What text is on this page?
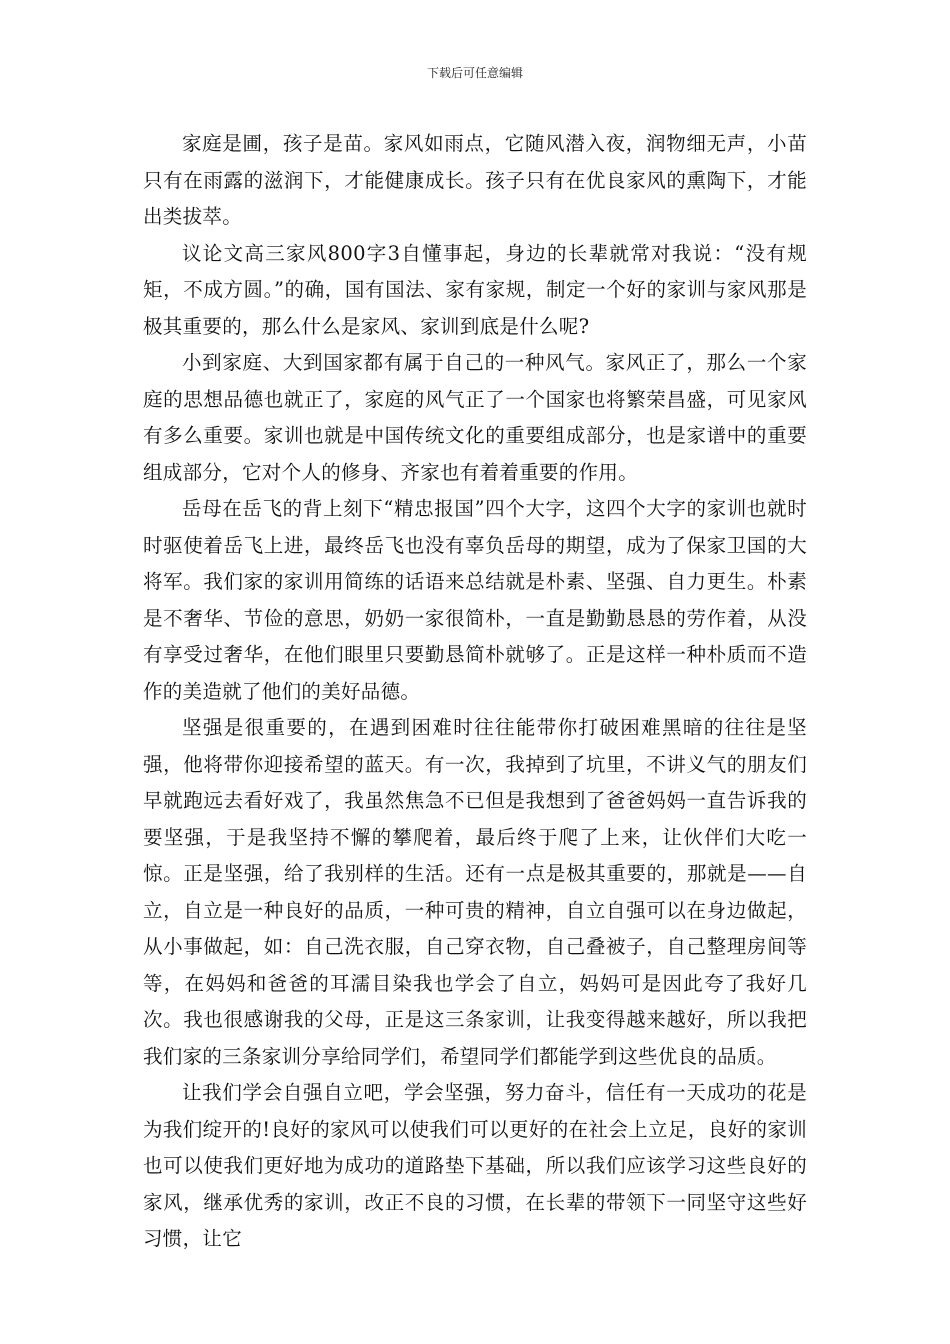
下载后可任意编辑

家庭是圃，孩子是苗。家风如雨点，它随风潜入夜，润物细无声，小苗只有在雨露的滋润下，才能健康成长。孩子只有在优良家风的熏陶下，才能出类拔萃。

议论文高三家风800字3自懂事起，身边的长辈就常对我说：“没有规矩，不成方圆。”的确，国有国法、家有家规，制定一个好的家训与家风那是极其重要的，那么什么是家风、家训到底是什么呢?

小到家庭、大到国家都有属于自己的一种风气。家风正了，那么一个家庭的思想品德也就正了，家庭的风气正了一个国家也将繁荣昌盛，可见家风有多么重要。家训也就是中国传统文化的重要组成部分，也是家谱中的重要组成部分，它对个人的修身、齐家也有着着重要的作用。

岳母在岳飞的背上刻下“精忠报国”四个大字，这四个大字的家训也就时时驱使着岳飞上进，最终岳飞也没有辜负岳母的期望，成为了保家卫国的大将军。我们家的家训用简练的话语来总结就是朴素、坚强、自力更生。朴素是不奢华、节俭的意思，奶奶一家很简朴，一直是勤勤恳恳的劳作着，从没有享受过奢华，在他们眼里只要勤恳简朴就够了。正是这样一种朴质而不造作的美造就了他们的美好品德。

坚强是很重要的，在遇到困难时往往能带你打破困难黑暗的往往是坚强，他将带你迎接希望的蓝天。有一次，我掉到了坑里，不讲义气的朋友们早就跑远去看好戏了，我虽然焦急不已但是我想到了爸爸妈妈一直告诉我的要坚强，于是我坚持不懈的攀爬着，最后终于爬了上来，让伙伴们大吃一惊。正是坚强，给了我别样的生活。还有一点是极其重要的，那就是——自立，自立是一种良好的品质，一种可贵的精神，自立自强可以在身边做起，从小事做起，如：自己洗衣服，自己穿衣物，自己叠被子，自己整理房间等等，在妈妈和爸爸的耳濡目染我也学会了自立，妈妈可是因此夸了我好几次。我也很感谢我的父母，正是这三条家训，让我变得越来越好，所以我把我们家的三条家训分享给同学们，希望同学们都能学到这些优良的品质。

让我们学会自强自立吧，学会坚强，努力奋斗，信任有一天成功的花是为我们绽开的!良好的家风可以使我们可以更好的在社会上立足，良好的家训也可以使我们更好地为成功的道路垫下基础，所以我们应该学习这些良好的家风，继承优秀的家训，改正不良的习惯，在长辈的带领下一同坚守这些好习惯，让它
